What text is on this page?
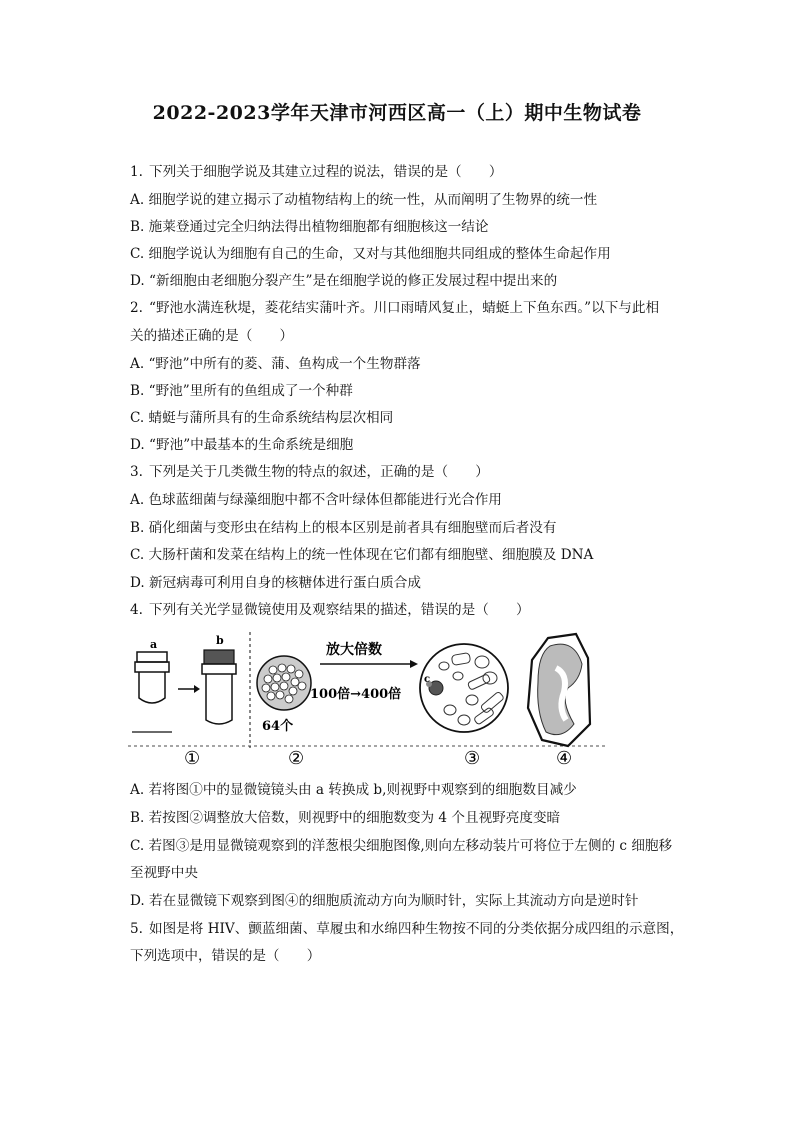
2022-2023学年天津市河西区高一（上）期中生物试卷
1. 下列关于细胞学说及其建立过程的说法，错误的是（　　）
A. 细胞学说的建立揭示了动植物结构上的统一性，从而阐明了生物界的统一性
B. 施莱登通过完全归纳法得出植物细胞都有细胞核这一结论
C. 细胞学说认为细胞有自己的生命，又对与其他细胞共同组成的整体生命起作用
D. “新细胞由老细胞分裂产生”是在细胞学说的修正发展过程中提出来的
2. “野池水满连秋堤，菱花结实蒲叶齐。川口雨晴风复止，蜻蜓上下鱼东西。”以下与此相
关的描述正确的是（　　）
A. “野池”中所有的菱、蒲、鱼构成一个生物群落
B. “野池”里所有的鱼组成了一个种群
C. 蜻蜓与蒲所具有的生命系统结构层次相同
D. “野池”中最基本的生命系统是细胞
3. 下列是关于几类微生物的特点的叙述，正确的是（　　）
A. 色球蓝细菌与绿藻细胞中都不含叶绿体但都能进行光合作用
B. 硝化细菌与变形虫在结构上的根本区别是前者具有细胞壁而后者没有
C. 大肠杆菌和发菜在结构上的统一性体现在它们都有细胞壁、细胞膜及 DNA
D. 新冠病毒可利用自身的核糖体进行蛋白质合成
4. 下列有关光学显微镜使用及观察结果的描述，错误的是（　　）
a	b
①
64个
②
放大倍数
100倍→400倍
c
③	④
A. 若将图①中的显微镜镜头由 a 转换成 b,则视野中观察到的细胞数目减少
B. 若按图②调整放大倍数，则视野中的细胞数变为 4 个且视野亮度变暗
C. 若图③是用显微镜观察到的洋葱根尖细胞图像,则向左移动装片可将位于左侧的 c 细胞移
至视野中央
D. 若在显微镜下观察到图④的细胞质流动方向为顺时针，实际上其流动方向是逆时针
5. 如图是将 HIV、颤蓝细菌、草履虫和水绵四种生物按不同的分类依据分成四组的示意图，
下列选项中，错误的是（　　）
